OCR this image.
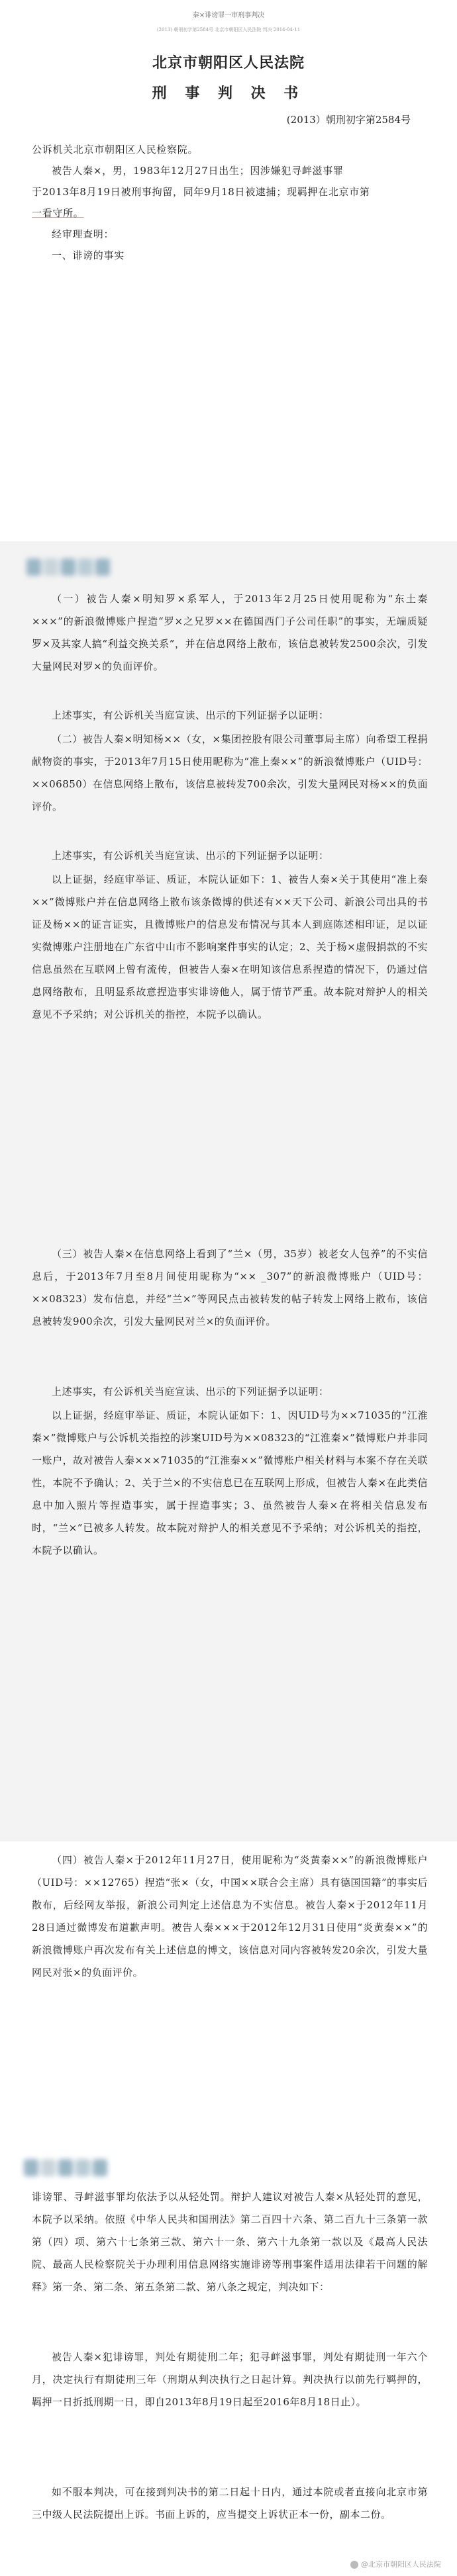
秦×诽谤罪一审刑事判决
(2013) 朝刑初字第2584号 北京市朝阳区人民法院 判决 2014-04-11
北京市朝阳区人民法院
刑 事 判 决 书
(2013）朝刑初字第2584号
公诉机关北京市朝阳区人民检察院。
被告人秦×，男，1983年12月27日出生；因涉嫌犯寻衅滋事罪
于2013年8月19日被刑事拘留，同年9月18日被逮捕；现羁押在北京市第
一看守所。
经审理查明：
一、诽谤的事实
（一）被告人秦×明知罗×系军人，于2013年2月25日使用昵称为“东土秦×××”的新浪微博账户捏造“罗×之兄罗××在德国西门子公司任职”的事实，无端质疑罗×及其家人搞“利益交换关系”，并在信息网络上散布，该信息被转发2500余次，引发大量网民对罗×的负面评价。
上述事实，有公诉机关当庭宣读、出示的下列证据予以证明：
（二）被告人秦×明知杨××（女，×集团控股有限公司董事局主席）向希望工程捐献物资的事实，于2013年7月15日使用昵称为“准上秦××”的新浪微博账户（UID号：××06850）在信息网络上散布，该信息被转发700余次，引发大量网民对杨××的负面评价。
上述事实，有公诉机关当庭宣读、出示的下列证据予以证明：
以上证据，经庭审举证、质证，本院认证如下：1、被告人秦×关于其使用“准上秦××”微博账户并在信息网络上散布该条微博的供述有××天下公司、新浪公司出具的书证及杨××的证言证实，且微博账户的信息发布情况与其本人到庭陈述相印证，足以证实微博账户注册地在广东省中山市不影响案件事实的认定；2、关于杨×虚假捐款的不实信息虽然在互联网上曾有流传，但被告人秦×在明知该信息系捏造的情况下，仍通过信息网络散布，且明显系故意捏造事实诽谤他人，属于情节严重。故本院对辩护人的相关意见不予采纳；对公诉机关的指控，本院予以确认。
（三）被告人秦×在信息网络上看到了“兰×（男，35岁）被老女人包养”的不实信息后，于2013年7月至8月间使用昵称为“×× _307”的新浪微博账户（UID号：××08323）发布信息，并经“兰×”等网民点击被转发的帖子转发上网络上散布，该信息被转发900余次，引发大量网民对兰×的负面评价。
上述事实，有公诉机关当庭宣读、出示的下列证据予以证明：
以上证据，经庭审举证、质证，本院认证如下：1、因UID号为××71035的“江淮秦×”微博账户与公诉机关指控的涉案UID号为××08323的“江淮秦×”微博账户并非同一账户，故对被告人秦×××71035的“江淮秦××”微博账户相关材料与本案不存在关联性，本院不予确认；2、关于兰×的不实信息已在互联网上形成，但被告人秦×在此类信息中加入照片等捏造事实，属于捏造事实；3、虽然被告人秦×在将相关信息发布时，“兰×”已被多人转发。故本院对辩护人的相关意见不予采纳；对公诉机关的指控，本院予以确认。
（四）被告人秦×于2012年11月27日，使用昵称为“炎黄秦××”的新浪微博账户（UID号：××12765）捏造“张×（女，中国××联合会主席）具有德国国籍”的事实后散布，后经网友举报，新浪公司判定上述信息为不实信息。被告人秦×于2012年11月28日通过微博发布道歉声明。被告人秦×××于2012年12月31日使用“炎黄秦××”的新浪微博账户再次发布有关上述信息的博文，该信息对同内容被转发20余次，引发大量网民对张×的负面评价。
诽谤罪、寻衅滋事罪均依法予以从轻处罚。辩护人建议对被告人秦×从轻处罚的意见，本院予以采纳。依照《中华人民共和国刑法》第二百四十六条、第二百九十三条第一款第（四）项、第六十七条第三款、第六十一条、第六十九条第一款以及《最高人民法院、最高人民检察院关于办理利用信息网络实施诽谤等刑事案件适用法律若干问题的解释》第一条、第二条、第五条第二款、第八条之规定，判决如下：
被告人秦×犯诽谤罪，判处有期徒刑二年；犯寻衅滋事罪，判处有期徒刑一年六个月，决定执行有期徒刑三年（刑期从判决执行之日起计算。判决执行以前先行羁押的，羁押一日折抵刑期一日，即自2013年8月19日起至2016年8月18日止）。
如不服本判决，可在接到判决书的第二日起十日内，通过本院或者直接向北京市第三中级人民法院提出上诉。书面上诉的，应当提交上诉状正本一份，副本二份。
@北京市朝阳区人民法院
